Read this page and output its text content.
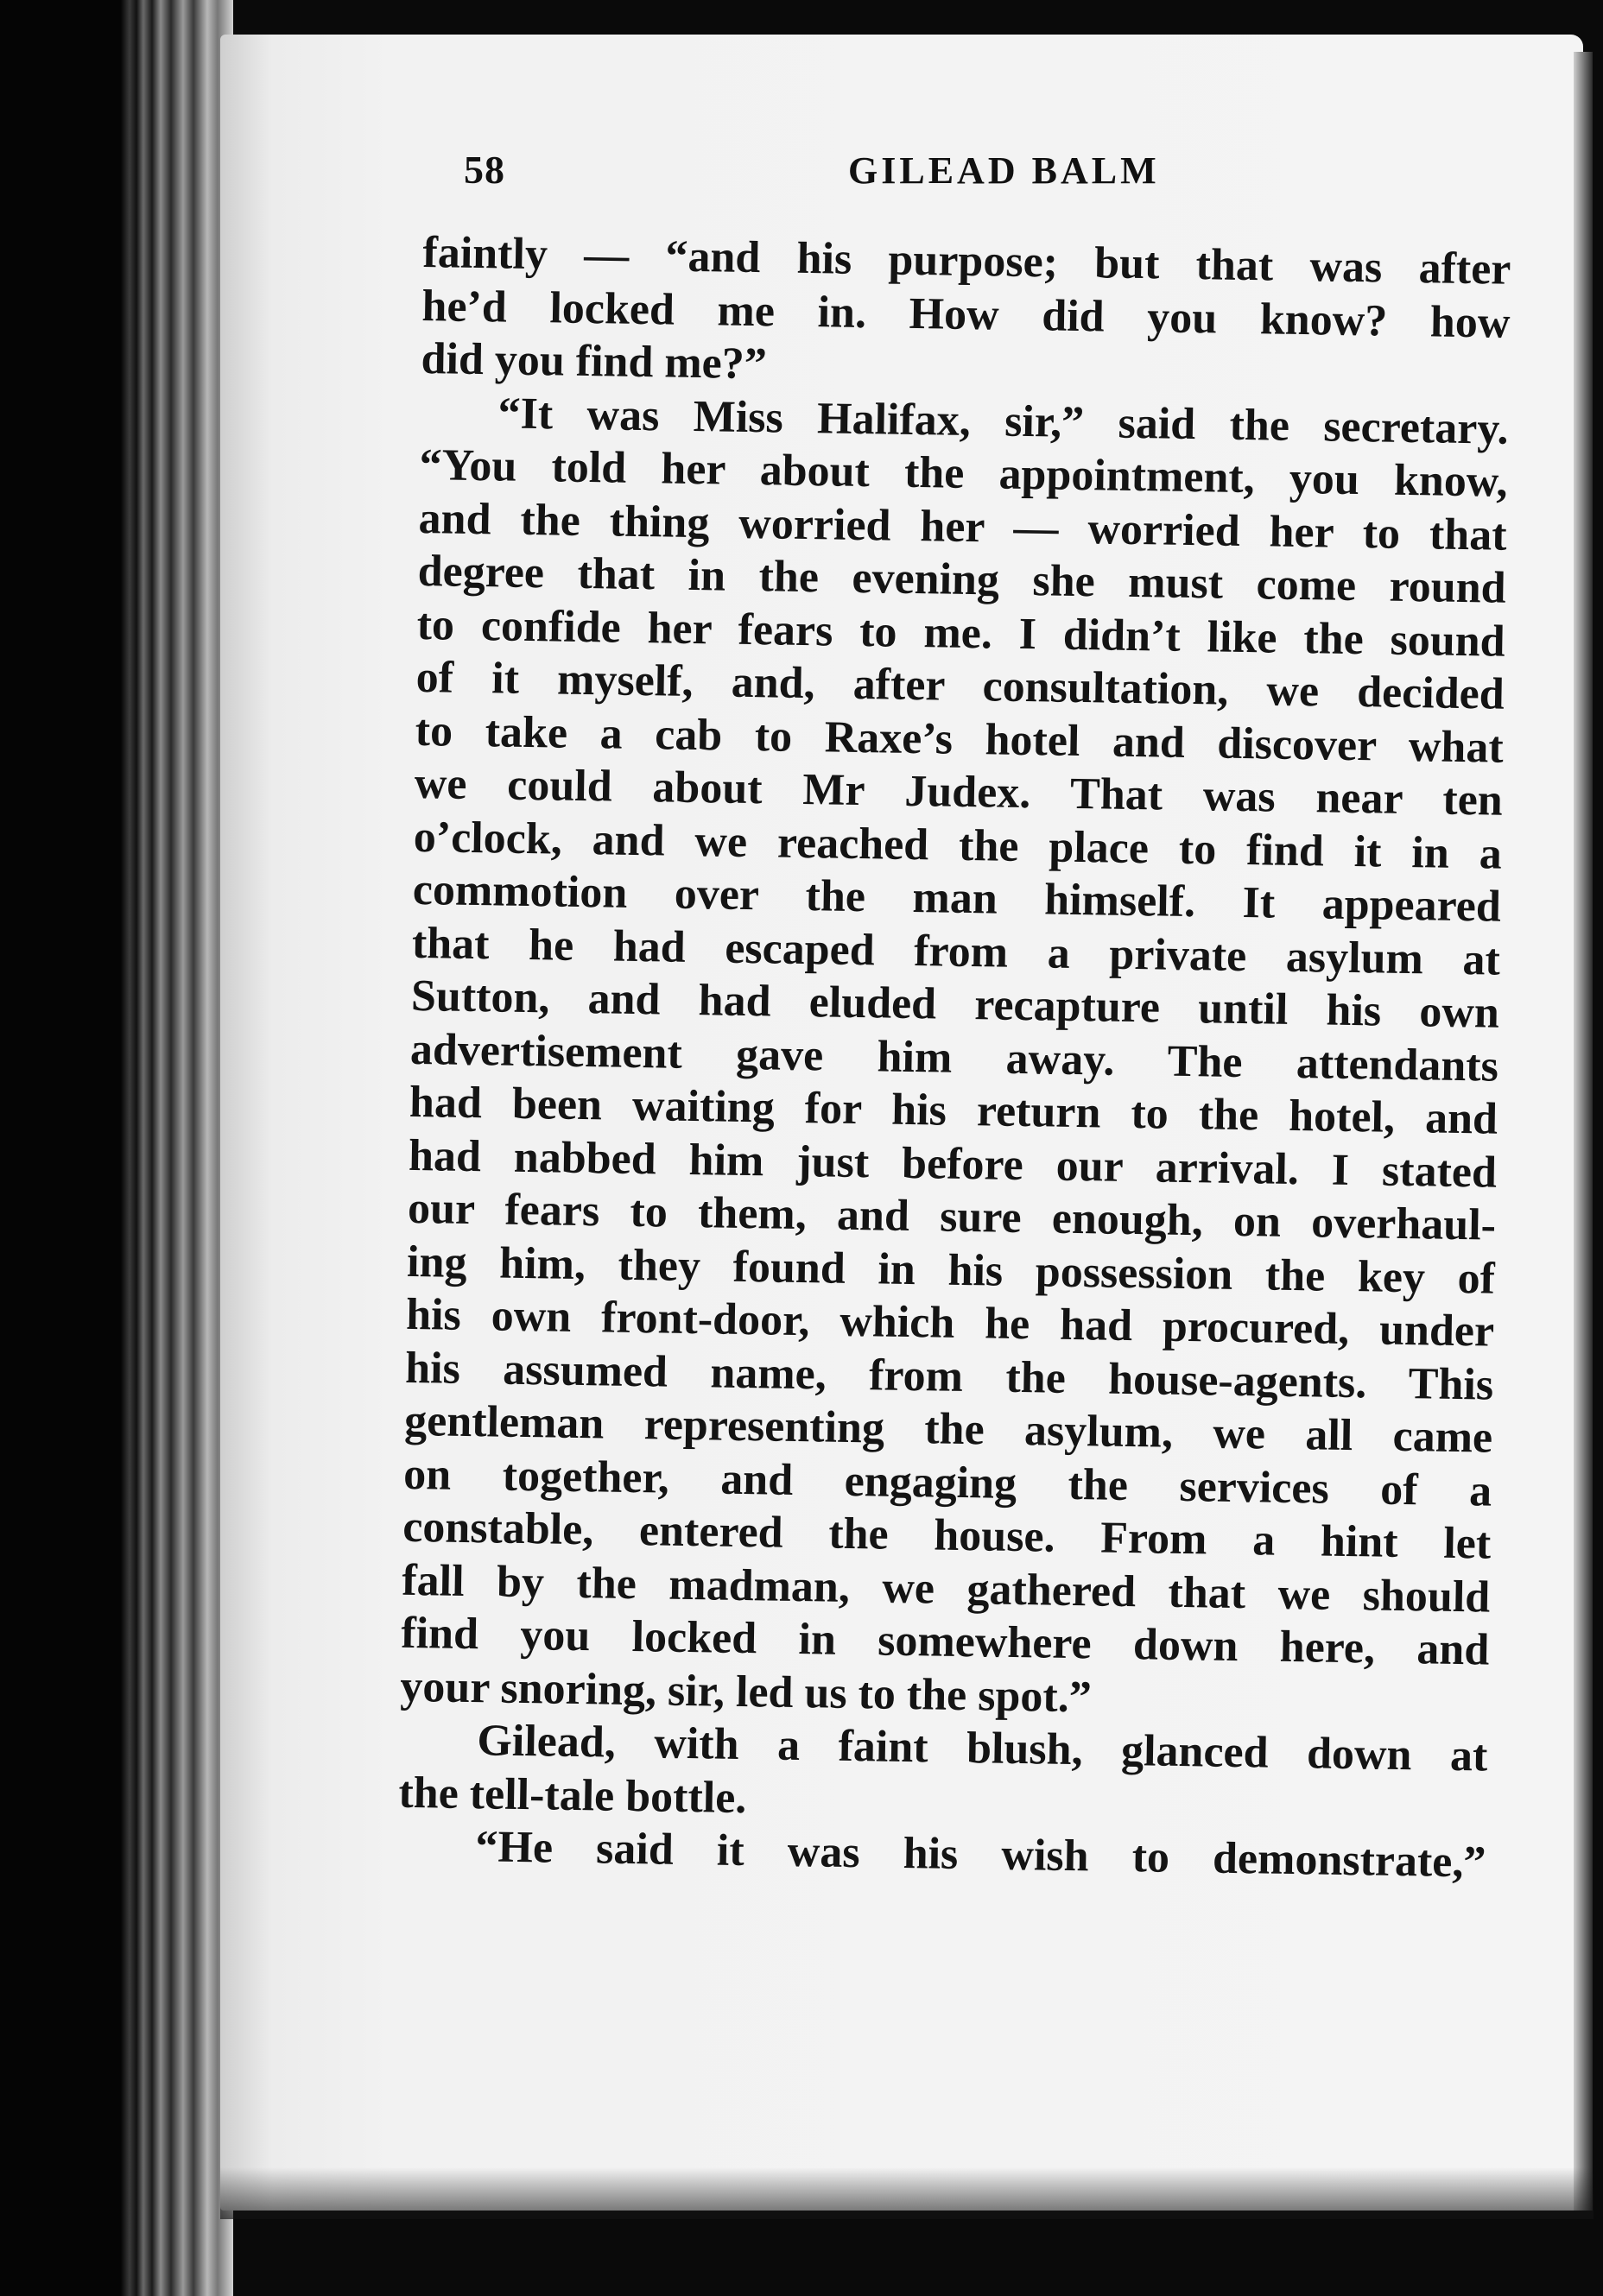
58	GILEAD BALM
faintly — “and his purpose; but that was after
he’d locked me in. How did you know? how
did you find me?”
“It was Miss Halifax, sir,” said the secretary.
“You told her about the appointment, you know,
and the thing worried her — worried her to that
degree that in the evening she must come round
to confide her fears to me. I didn’t like the sound
of it myself, and, after consultation, we decided
to take a cab to Raxe’s hotel and discover what
we could about Mr Judex. That was near ten
o’clock, and we reached the place to find it in a
commotion over the man himself. It appeared
that he had escaped from a private asylum at
Sutton, and had eluded recapture until his own
advertisement gave him away. The attendants
had been waiting for his return to the hotel, and
had nabbed him just before our arrival. I stated
our fears to them, and sure enough, on overhaul-
ing him, they found in his possession the key of
his own front-door, which he had procured, under
his assumed name, from the house-agents. This
gentleman representing the asylum, we all came
on together, and engaging the services of a
constable, entered the house. From a hint let
fall by the madman, we gathered that we should
find you locked in somewhere down here, and
your snoring, sir, led us to the spot.”
Gilead, with a faint blush, glanced down at
the tell-tale bottle.
“He said it was his wish to demonstrate,”
